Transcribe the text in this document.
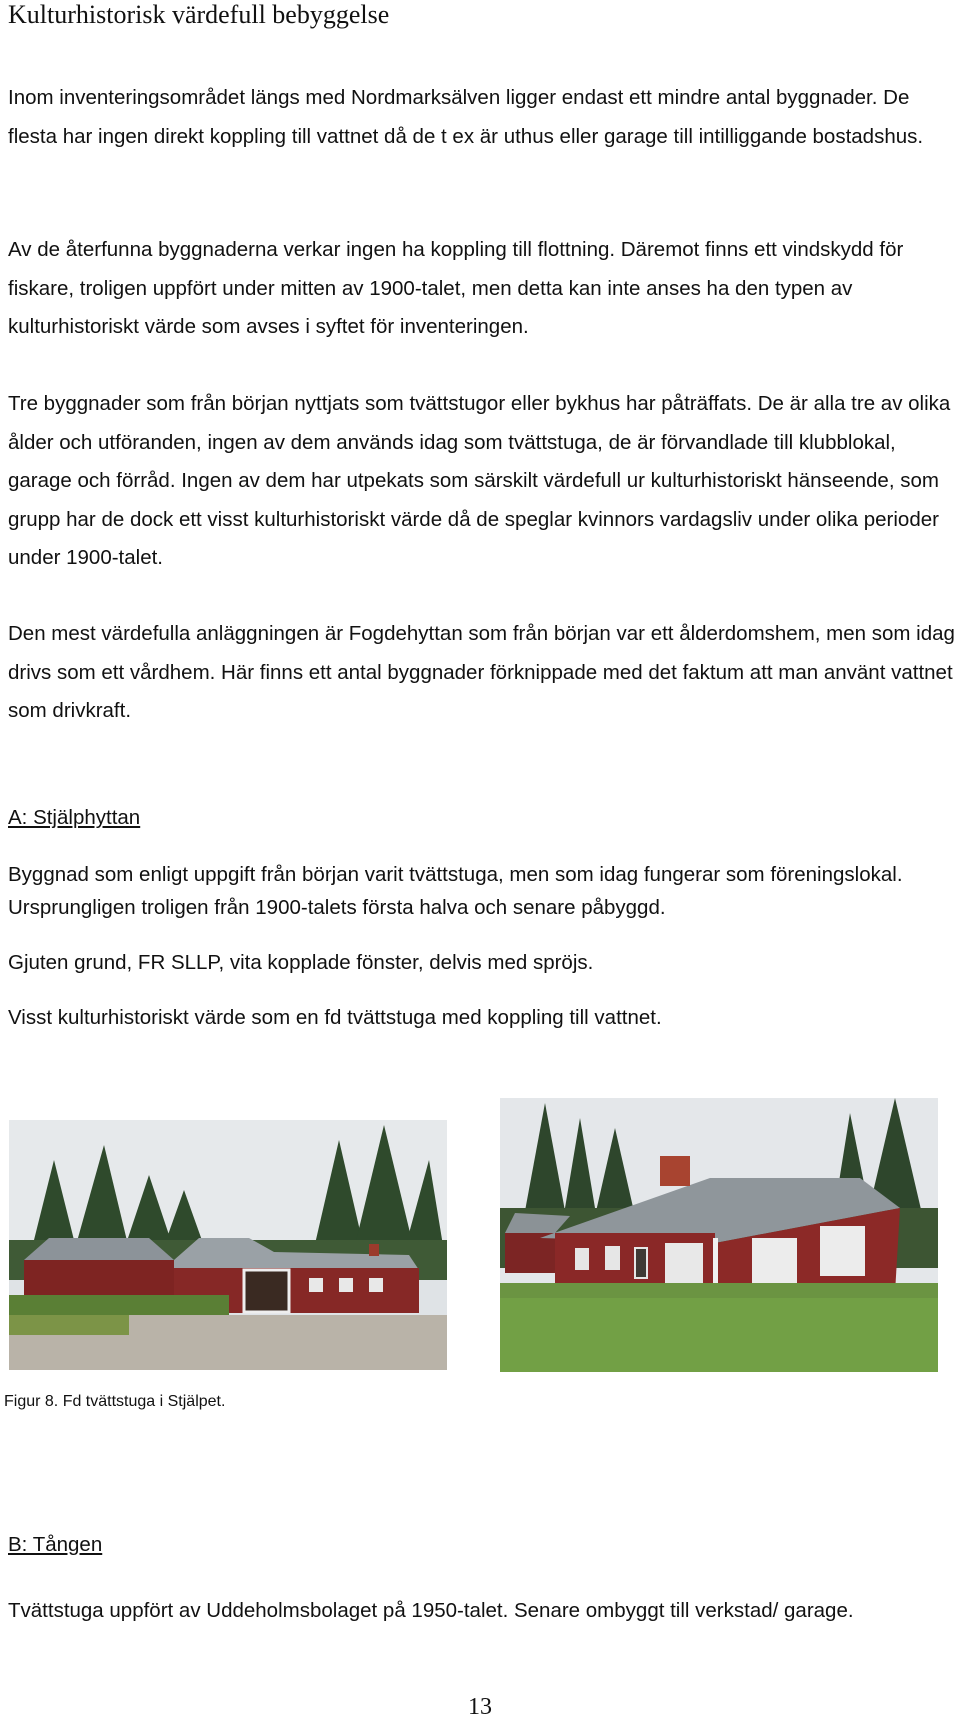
Kulturhistorisk värdefull bebyggelse

Inom inventeringsområdet längs med Nordmarksälven ligger endast ett mindre antal byggnader. De flesta har ingen direkt koppling till vattnet då de t ex är uthus eller garage till intilliggande bostadshus.

Av de återfunna byggnaderna verkar ingen ha koppling till flottning. Däremot finns ett vindskydd för fiskare, troligen uppfört under mitten av 1900-talet, men detta kan inte anses ha den typen av kulturhistoriskt värde som avses i syftet för inventeringen.

Tre byggnader som från början nyttjats som tvättstugor eller bykhus har påträffats. De är alla tre av olika ålder och utföranden, ingen av dem används idag som tvättstuga, de är förvandlade till klubblokal, garage och förråd. Ingen av dem har utpekats som särskilt värdefull ur kulturhistoriskt hänseende, som grupp har de dock ett visst kulturhistoriskt värde då de speglar kvinnors vardagsliv under olika perioder under 1900-talet.

Den mest värdefulla anläggningen är Fogdehyttan som från början var ett ålderdomshem, men som idag drivs som ett vårdhem. Här finns ett antal byggnader förknippade med det faktum att man använt vattnet som drivkraft.

A: Stjälphyttan

Byggnad som enligt uppgift från början varit tvättstuga, men som idag fungerar som föreningslokal. Ursprungligen troligen från 1900-talets första halva och senare påbyggd.

Gjuten grund, FR SLLP, vita kopplade fönster, delvis med spröjs.

Visst kulturhistoriskt värde som en fd tvättstuga med koppling till vattnet.

Figur 8. Fd tvättstuga i Stjälpet.
B: Tången

Tvättstuga uppfört av Uddeholmsbolaget på 1950-talet. Senare ombyggt till verkstad/ garage.

13
